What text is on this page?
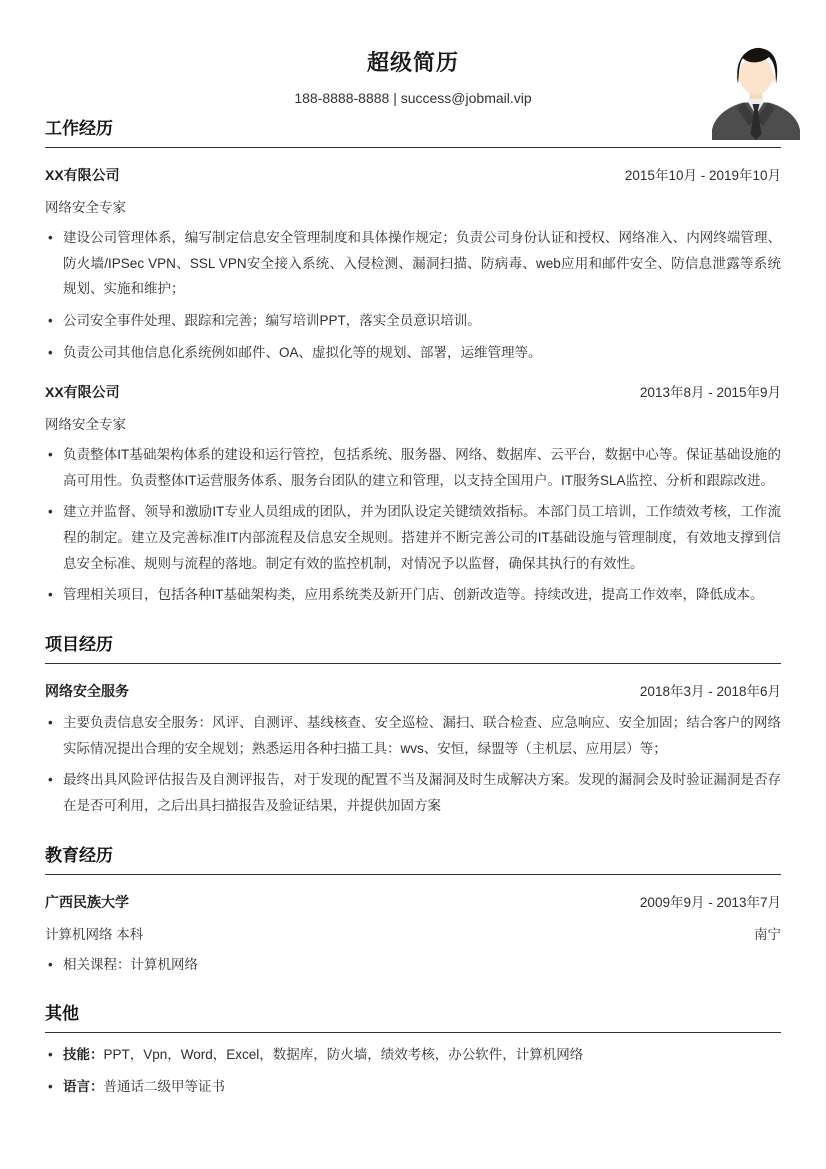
超级简历
188-8888-8888 | success@jobmail.vip
工作经历
XX有限公司	2015年10月 - 2019年10月
网络安全专家
• 建设公司管理体系，编写制定信息安全管理制度和具体操作规定；负责公司身份认证和授权、网络准入、内网终端管理、防火墙/IPSec VPN、SSL VPN安全接入系统、入侵检测、漏洞扫描、防病毒、web应用和邮件安全、防信息泄露等系统规划、实施和维护；
• 公司安全事件处理、跟踪和完善；编写培训PPT，落实全员意识培训。
• 负责公司其他信息化系统例如邮件、OA、虚拟化等的规划、部署，运维管理等。
XX有限公司	2013年8月 - 2015年9月
网络安全专家
• 负责整体IT基础架构体系的建设和运行管控，包括系统、服务器、网络、数据库、云平台，数据中心等。保证基础设施的高可用性。负责整体IT运营服务体系、服务台团队的建立和管理，以支持全国用户。IT服务SLA监控、分析和跟踪改进。
• 建立并监督、领导和激励IT专业人员组成的团队，并为团队设定关键绩效指标。本部门员工培训，工作绩效考核，工作流程的制定。建立及完善标准IT内部流程及信息安全规则。搭建并不断完善公司的IT基础设施与管理制度，有效地支撑到信息安全标准、规则与流程的落地。制定有效的监控机制，对情况予以监督，确保其执行的有效性。
• 管理相关项目，包括各种IT基础架构类，应用系统类及新开门店、创新改造等。持续改进，提高工作效率，降低成本。
项目经历
网络安全服务	2018年3月 - 2018年6月
• 主要负责信息安全服务：风评、自测评、基线核查、安全巡检、漏扫、联合检查、应急响应、安全加固；结合客户的网络实际情况提出合理的安全规划；熟悉运用各种扫描工具：wvs、安恒，绿盟等（主机层、应用层）等；
• 最终出具风险评估报告及自测评报告，对于发现的配置不当及漏洞及时生成解决方案。发现的漏洞会及时验证漏洞是否存在是否可利用，之后出具扫描报告及验证结果，并提供加固方案
教育经历
广西民族大学	2009年9月 - 2013年7月
计算机网络 本科	南宁
• 相关课程：计算机网络
其他
• 技能：PPT，Vpn，Word，Excel，数据库，防火墙，绩效考核，办公软件，计算机网络
• 语言：普通话二级甲等证书
